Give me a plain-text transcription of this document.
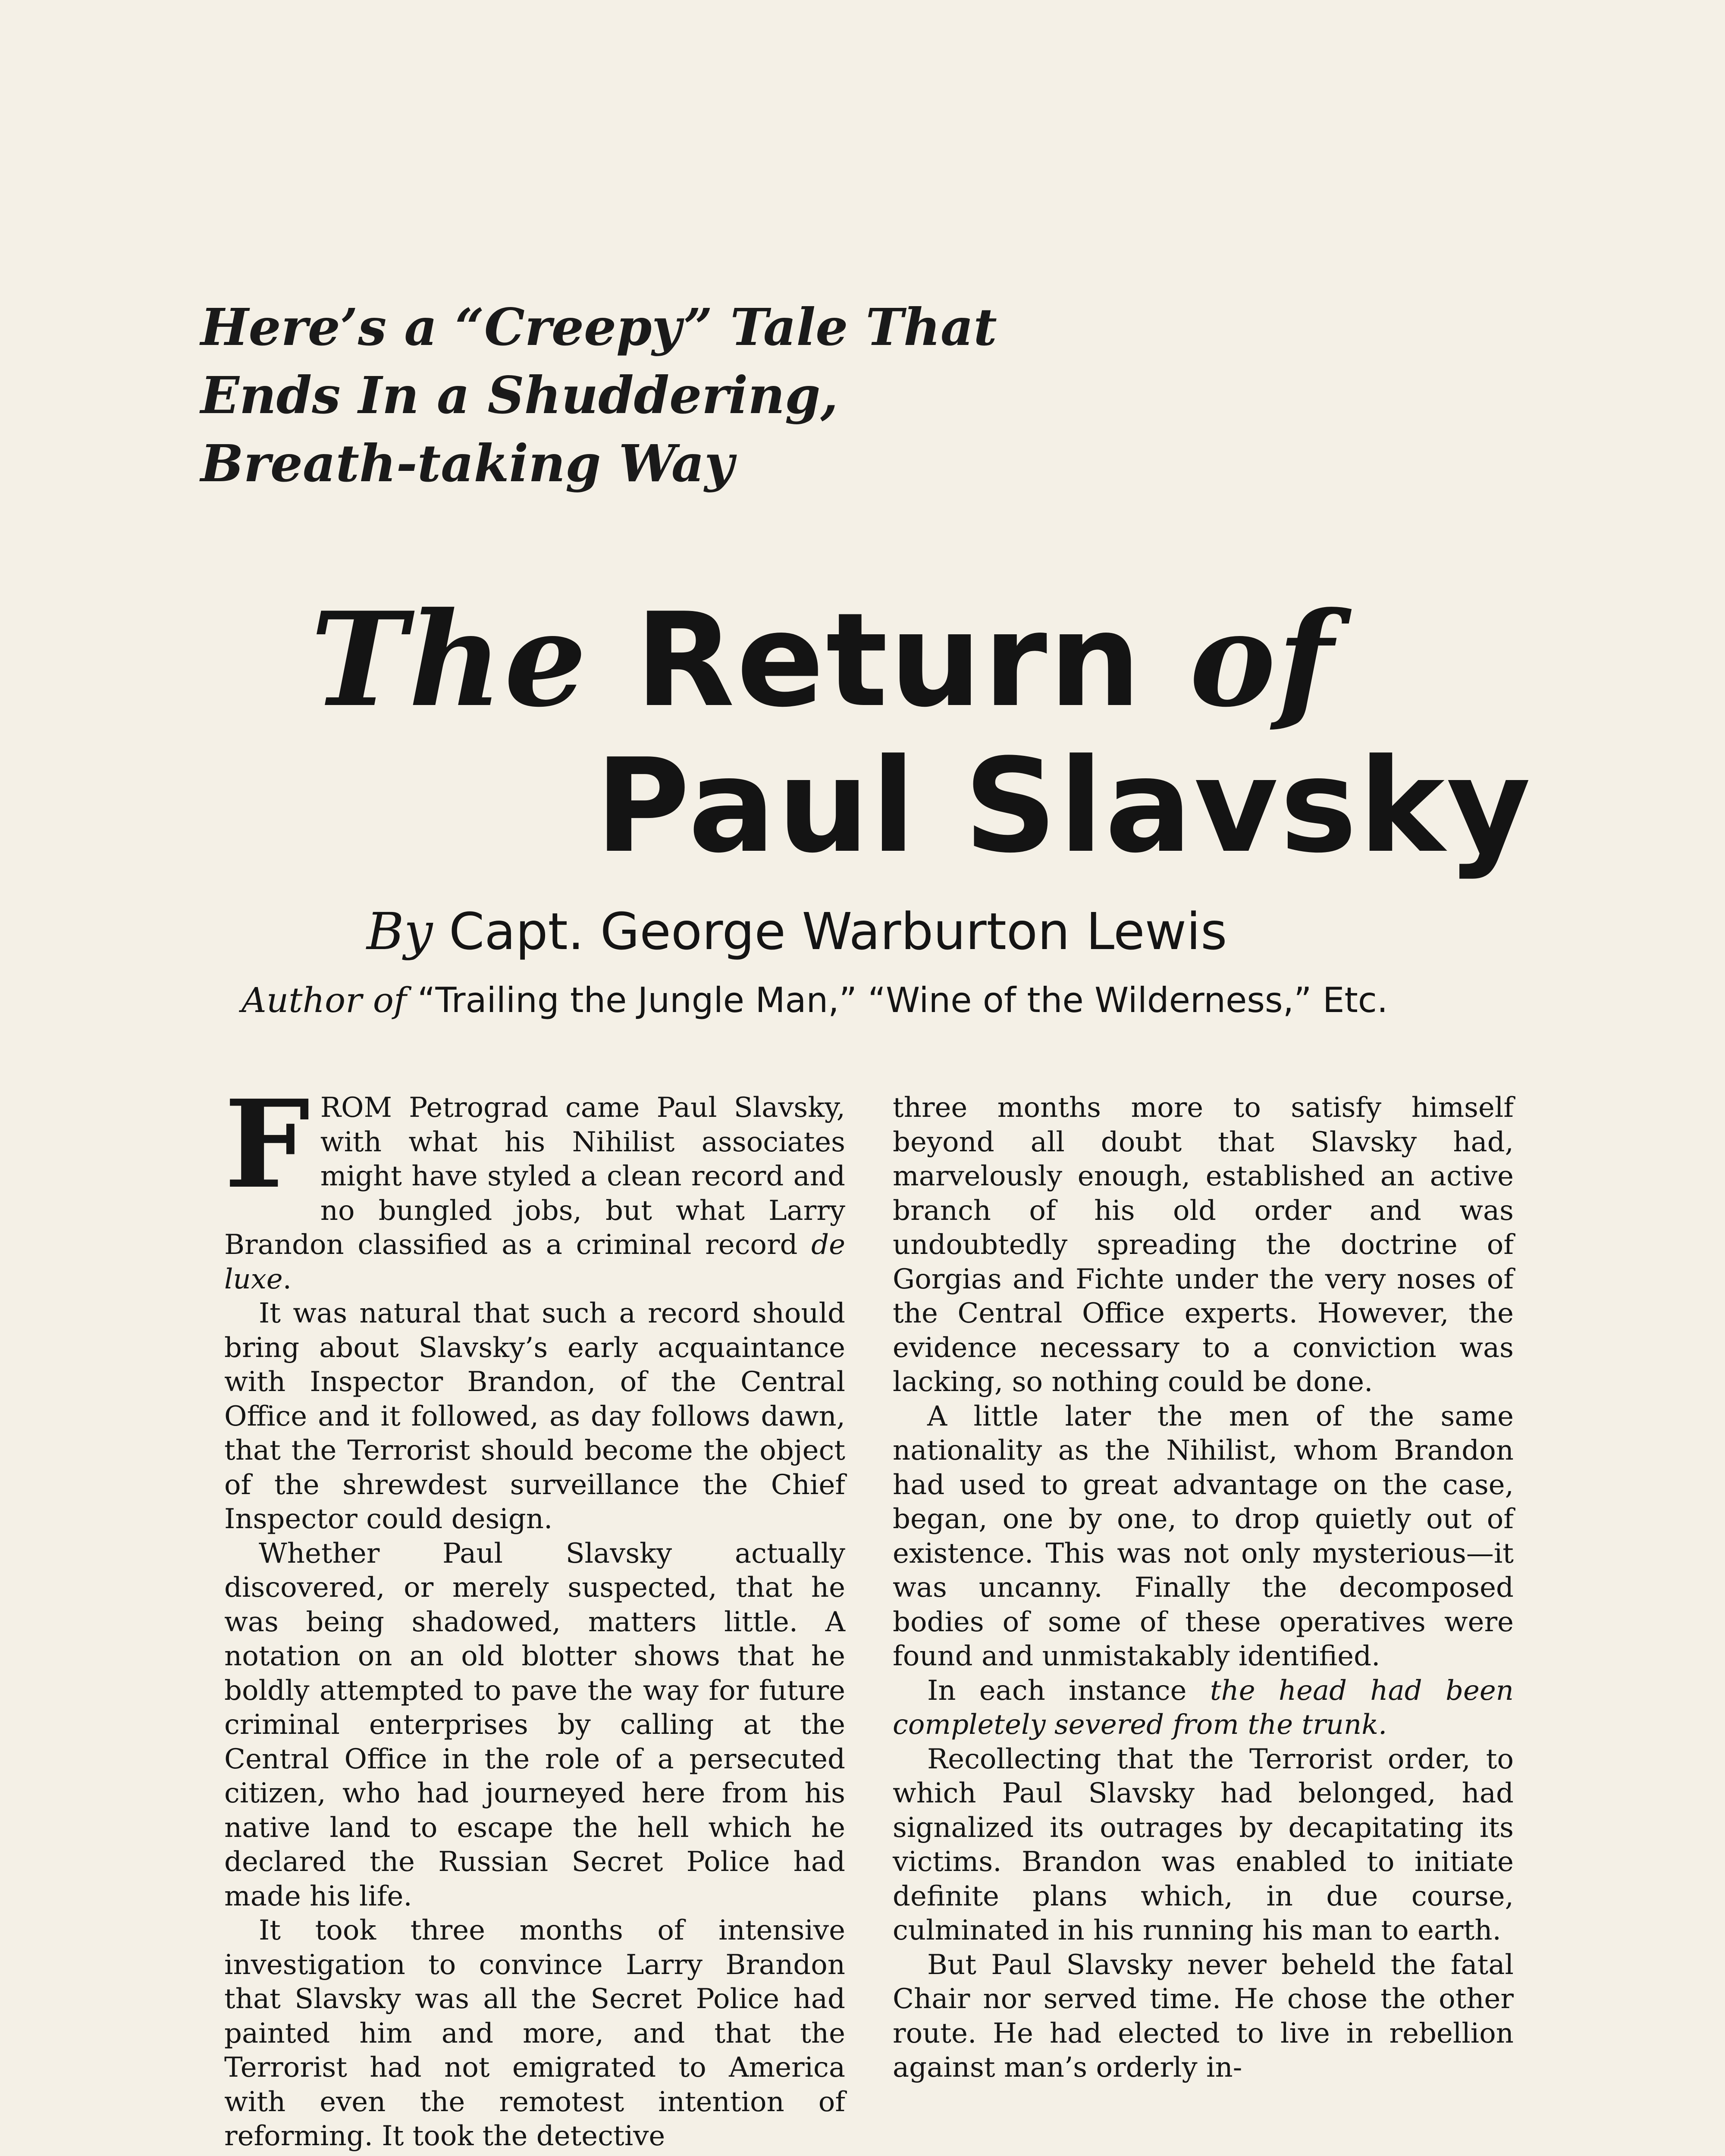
Here’s a “Creepy” Tale That
Ends In a Shuddering,
Breath-taking Way
The Return of
Paul Slavsky
By Capt. George Warburton Lewis
Author of “Trailing the Jungle Man,” “Wine of the Wilderness,” Etc.

FROM Petrograd came Paul Slavsky, with what his Nihilist associates might have styled a clean record and no bungled jobs, but what Larry Brandon classified as a criminal record de luxe.

It was natural that such a record should bring about Slavsky’s early acquaintance with Inspector Brandon, of the Central Office and it followed, as day follows dawn, that the Terrorist should become the object of the shrewdest surveillance the Chief Inspector could design.

Whether Paul Slavsky actually discovered, or merely suspected, that he was being shadowed, matters little. A notation on an old blotter shows that he boldly attempted to pave the way for future criminal enterprises by calling at the Central Office in the role of a persecuted citizen, who had journeyed here from his native land to escape the hell which he declared the Russian Secret Police had made his life.

It took three months of intensive investigation to convince Larry Brandon that Slavsky was all the Secret Police had painted him and more, and that the Terrorist had not emigrated to America with even the remotest intention of reforming. It took the detective

three months more to satisfy himself beyond all doubt that Slavsky had, marvelously enough, established an active branch of his old order and was undoubtedly spreading the doctrine of Gorgias and Fichte under the very noses of the Central Office experts. However, the evidence necessary to a conviction was lacking, so nothing could be done.

A little later the men of the same nationality as the Nihilist, whom Brandon had used to great advantage on the case, began, one by one, to drop quietly out of existence. This was not only mysterious—it was uncanny. Finally the decomposed bodies of some of these operatives were found and unmistakably identified.

In each instance the head had been completely severed from the trunk.

Recollecting that the Terrorist order, to which Paul Slavsky had belonged, had signalized its outrages by decapitating its victims. Brandon was enabled to initiate definite plans which, in due course, culminated in his running his man to earth.

But Paul Slavsky never beheld the fatal Chair nor served time. He chose the other route. He had elected to live in rebellion against man’s orderly in-
